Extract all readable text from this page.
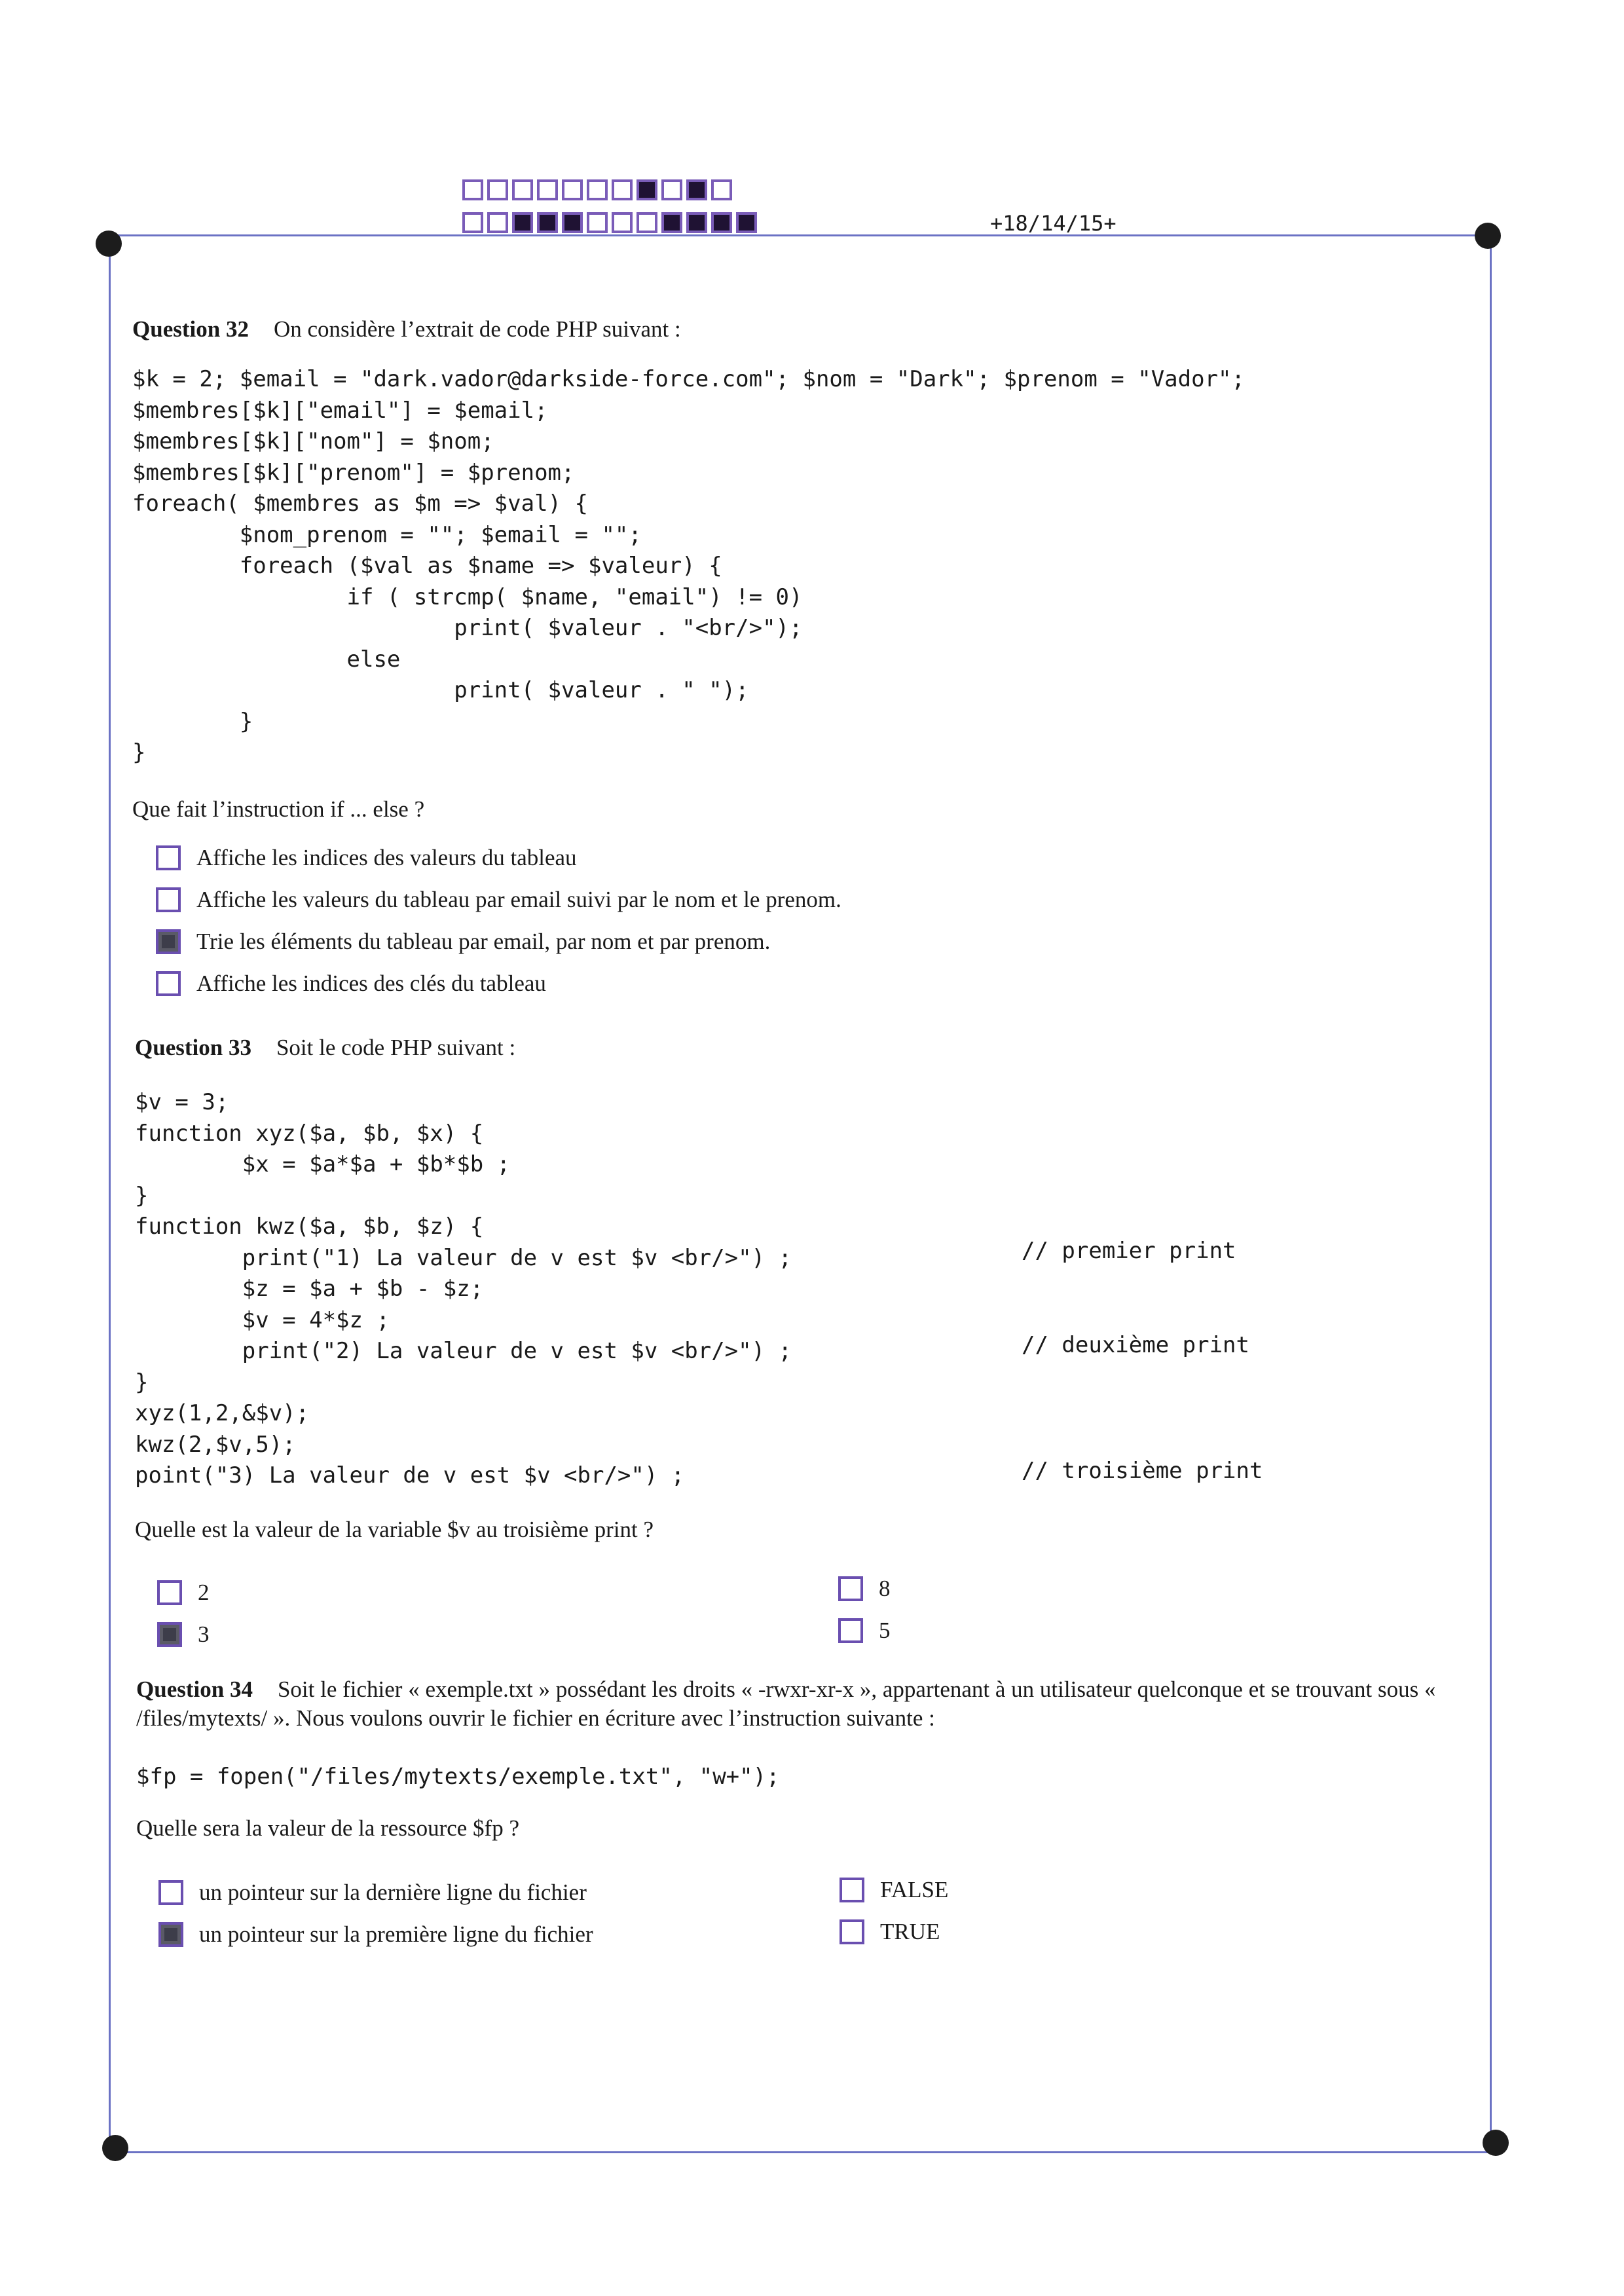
+18/14/15+
Question 32 On considère l’extrait de code PHP suivant :
$k = 2; $email = "dark.vador@darkside-force.com"; $nom = "Dark"; $prenom = "Vador";
$membres[$k]["email"] = $email;
$membres[$k]["nom"] = $nom;
$membres[$k]["prenom"] = $prenom;
foreach( $membres as $m => $val) {
$nom_prenom = ""; $email = "";
foreach ($val as $name => $valeur) {
if ( strcmp( $name, "email") != 0)
print( $valeur . "<br/>");
else
print( $valeur . " ");
}
}
Que fait l’instruction if ... else ?
Affiche les indices des valeurs du tableau
Affiche les valeurs du tableau par email suivi par le nom et le prenom.
Trie les éléments du tableau par email, par nom et par prenom.
Affiche les indices des clés du tableau
Question 33 Soit le code PHP suivant :
$v = 3;
function xyz($a, $b, $x) {
$x = $a*$a + $b*$b ;
}
function kwz($a, $b, $z) {
print("1) La valeur de v est $v <br/>") ;
$z = $a + $b - $z;
$v = 4*$z ;
print("2) La valeur de v est $v <br/>") ;
}
xyz(1,2,&$v);
kwz(2,$v,5);
point("3) La valeur de v est $v <br/>") ;
// premier print
// deuxième print
// troisième print
Quelle est la valeur de la variable $v au troisième print ?
2
3
8
5
Question 34 Soit le fichier « exemple.txt » possédant les droits « -rwxr-xr-x », appartenant à un utilisateur quelconque et se trouvant sous « /files/mytexts/ ». Nous voulons ouvrir le fichier en écriture avec l’instruction suivante :
$fp = fopen("/files/mytexts/exemple.txt", "w+");
Quelle sera la valeur de la ressource $fp ?
un pointeur sur la dernière ligne du fichier
un pointeur sur la première ligne du fichier
FALSE
TRUE
